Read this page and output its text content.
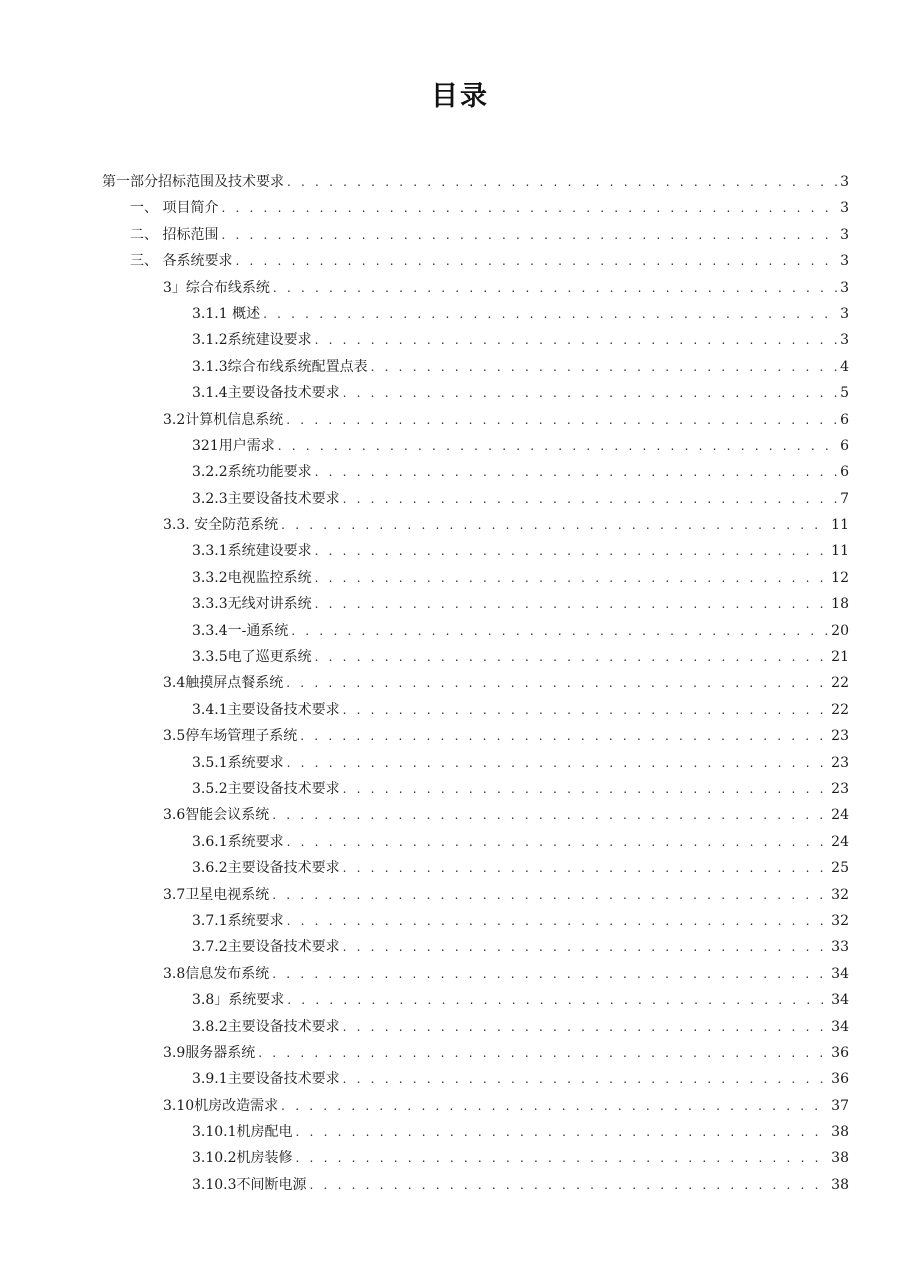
目录
第一部分招标范围及技术要求 . . .	3
一、 项目简介 . . .	3
二、 招标范围 . . .	3
三、 各系统要求 . . .	3
3」综合布线系统 . . .	3
3.1.1 概述 . . .	3
3.1.2系统建设要求 . . .	3
3.1.3综合布线系统配置点表 . . .	4
3.1.4主要设备技术要求 . . .	5
3.2计算机信息系统 . . .	6
321用户需求 . . .	6
3.2.2系统功能要求 . . .	6
3.2.3主要设备技术要求 . . .	7
3.3. 安全防范系统 . . .	11
3.3.1系统建设要求 . . .	11
3.3.2电视监控系统 . . .	12
3.3.3无线对讲系统 . . .	18
3.3.4一-通系统 . . .	20
3.3.5电了巡更系统 . . .	21
3.4触摸屏点餐系统 . . .	22
3.4.1主要设备技术要求 . . .	22
3.5停车场管理子系统 . . .	23
3.5.1系统要求 . . .	23
3.5.2主要设备技术要求 . . .	23
3.6智能会议系统 . . .	24
3.6.1系统要求 . . .	24
3.6.2主要设备技术要求 . . .	25
3.7卫星电视系统 . . .	32
3.7.1系统要求 . . .	32
3.7.2主要设备技术要求 . . .	33
3.8信息发布系统 . . .	34
3.8」系统要求 . . .	34
3.8.2主要设备技术要求 . . .	34
3.9服务器系统 . . .	36
3.9.1主要设备技术要求 . . .	36
3.10机房改造需求 . . .	37
3.10.1机房配电 . . .	38
3.10.2机房装修 . . .	38
3.10.3不间断电源 . . .	38
